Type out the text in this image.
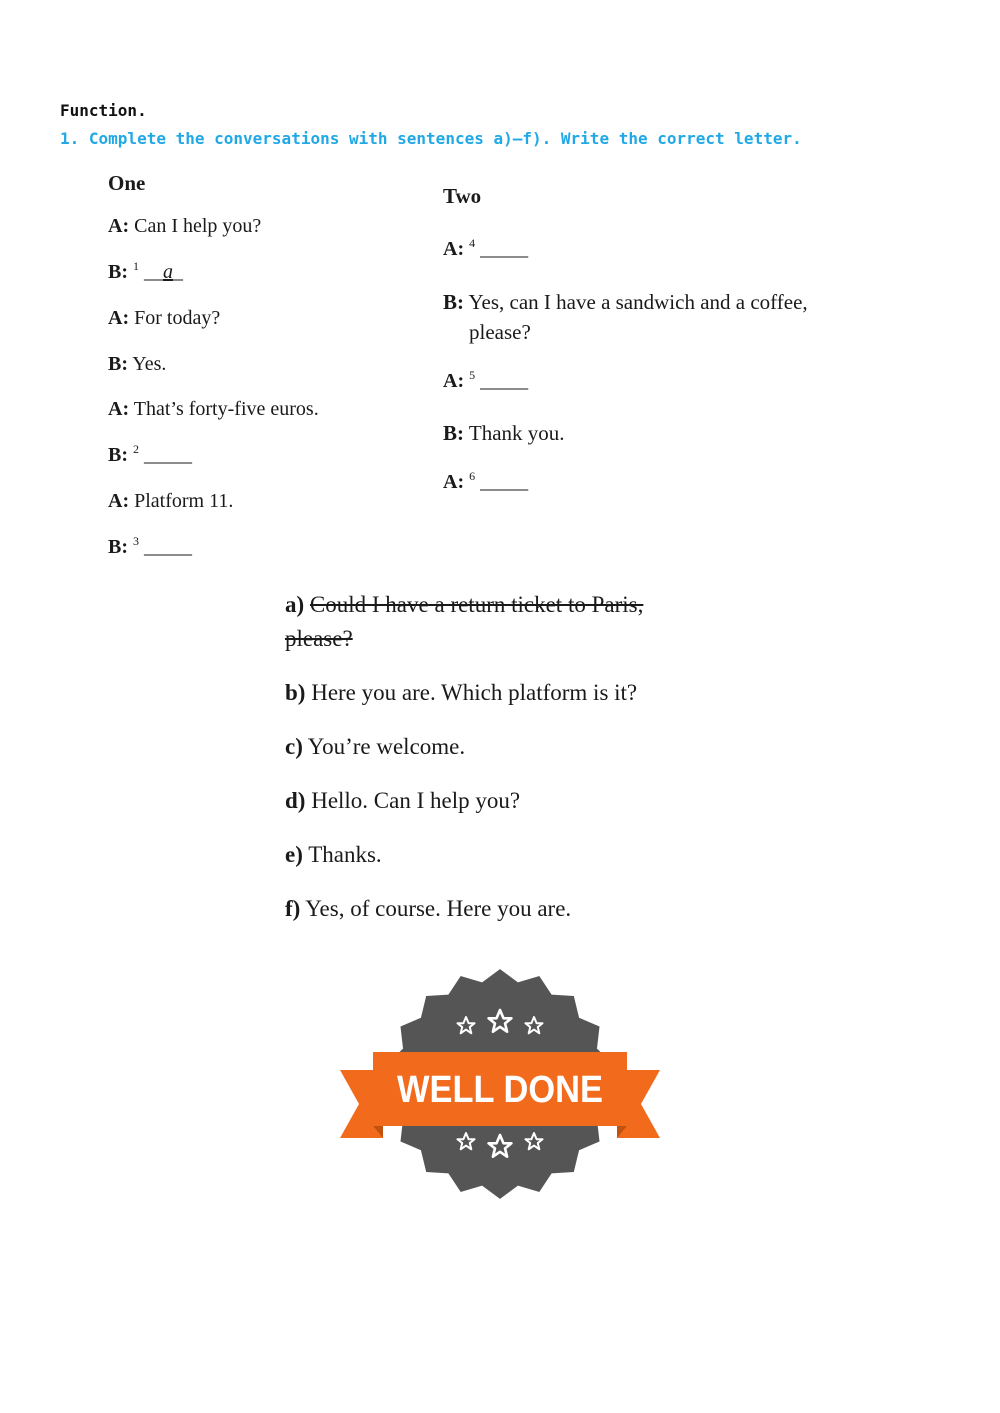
Function.
1. Complete the conversations with sentences a)–f). Write the correct letter.
One
A: Can I help you?
B: $^1$ __a_
A: For today?
B: Yes.
A: That’s forty-five euros.
B: $^2$ _____
A: Platform 11.
B: $^3$ _____
Two
A: $^4$ _____
B: Yes, can I have a sandwich and a coffee,
please?
A: $^5$ _____
B: Thank you.
A: $^6$ _____
a) Could I have a return ticket to Paris,
please?
b) Here you are. Which platform is it?
c) You’re welcome.
d) Hello. Can I help you?
e) Thanks.
f) Yes, of course. Here you are.
WELL DONE
